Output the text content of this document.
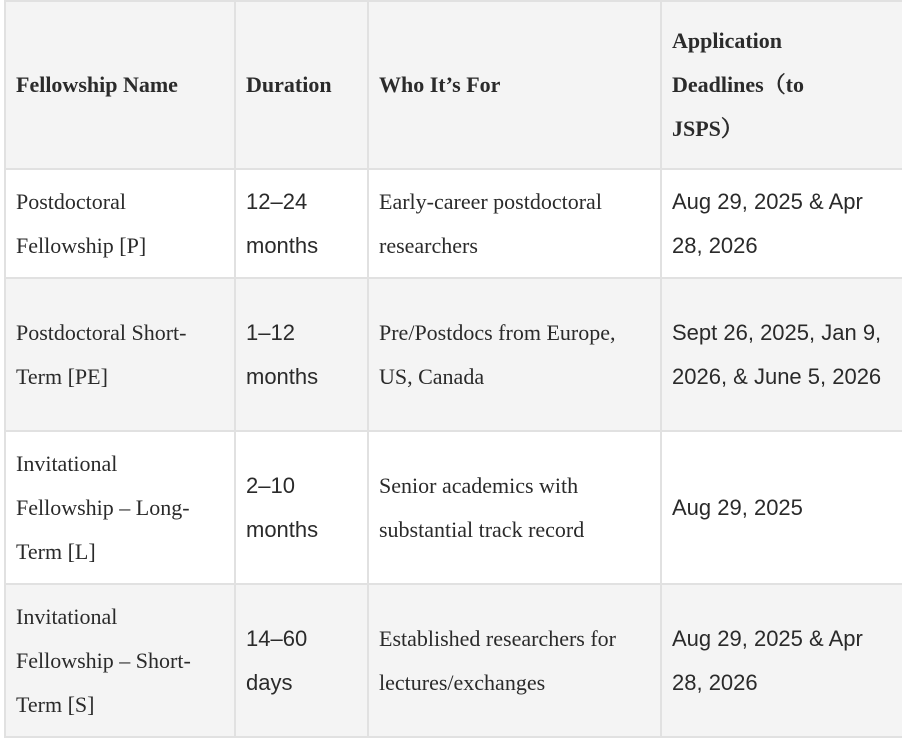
Fellowship Name	Duration	Who It’s For	Application Deadlines（to JSPS）
Postdoctoral Fellowship [P]	12–24 months	Early-career postdoctoral researchers	Aug 29, 2025 & Apr 28, 2026
Postdoctoral Short-Term [PE]	1–12 months	Pre/Postdocs from Europe, US, Canada	Sept 26, 2025, Jan 9, 2026, & June 5, 2026
Invitational Fellowship – Long-Term [L]	2–10 months	Senior academics with substantial track record	Aug 29, 2025
Invitational Fellowship – Short-Term [S]	14–60 days	Established researchers for lectures/exchanges	Aug 29, 2025 & Apr 28, 2026
